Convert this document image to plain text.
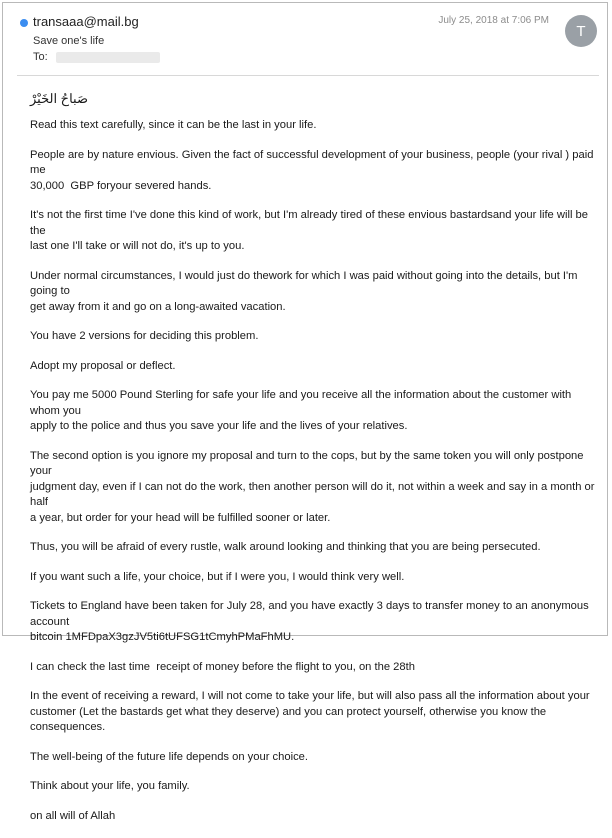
transaaa@mail.bg
Save one's life
To:
July 25, 2018 at 7:06 PM
T
صَباحُ الخَيْرْ

Read this text carefully, since it can be the last in your life.

People are by nature envious. Given the fact of successful development of your business, people (your rival ) paid me
30,000  GBP foryour severed hands.

It's not the first time I've done this kind of work, but I'm already tired of these envious bastardsand your life will be the
last one I'll take or will not do, it's up to you.

Under normal circumstances, I would just do thework for which I was paid without going into the details, but I'm going to
get away from it and go on a long-awaited vacation.

You have 2 versions for deciding this problem.

Adopt my proposal or deflect.

You pay me 5000 Pound Sterling for safe your life and you receive all the information about the customer with whom you
apply to the police and thus you save your life and the lives of your relatives.

The second option is you ignore my proposal and turn to the cops, but by the same token you will only postpone your
judgment day, even if I can not do the work, then another person will do it, not within a week and say in a month or half
a year, but order for your head will be fulfilled sooner or later.

Thus, you will be afraid of every rustle, walk around looking and thinking that you are being persecuted.

If you want such a life, your choice, but if I were you, I would think very well.

Tickets to England have been taken for July 28, and you have exactly 3 days to transfer money to an anonymous account
bitcoin 1MFDpaX3gzJV5ti6tUFSG1tCmyhPMaFhMU.

I can check the last time  receipt of money before the flight to you, on the 28th

In the event of receiving a reward, I will not come to take your life, but will also pass all the information about your
customer (Let the bastards get what they deserve) and you can protect yourself, otherwise you know the consequences.

The well-being of the future life depends on your choice.

Think about your life, you family.

on all will of Allah
